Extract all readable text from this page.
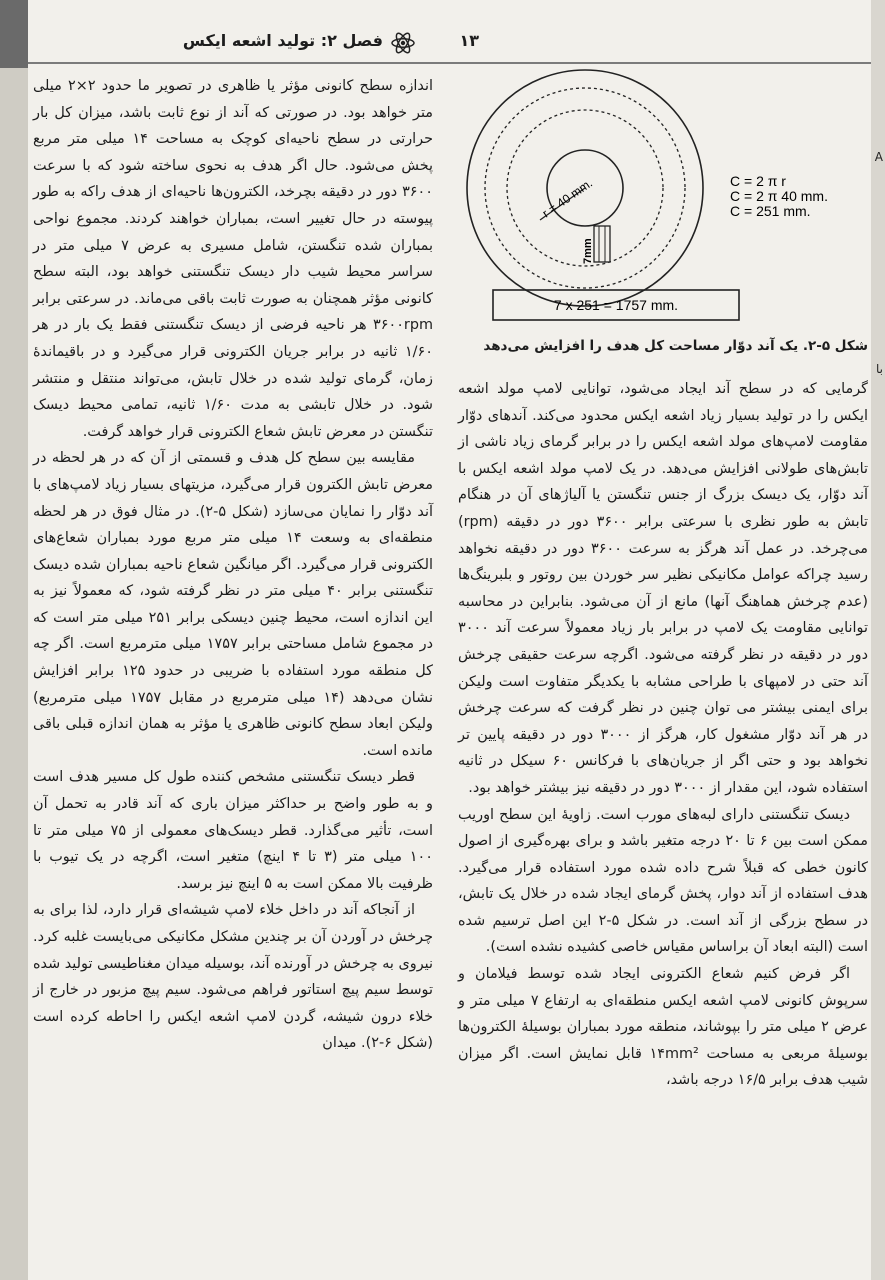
A
با
فصل ۲: تولید اشعه ایکس	۱۳

اندازه سطح کانونی مؤثر یا ظاهری در تصویر ما حدود ۲×۲ میلی متر خواهد بود. در صورتی که آند از نوع ثابت باشد، میزان کل بار حرارتی در سطح ناحیه‌ای کوچک به مساحت ۱۴ میلی متر مربع پخش می‌شود. حال اگر هدف به نحوی ساخته شود که با سرعت ۳۶۰۰ دور در دقیقه بچرخد، الکترون‌ها ناحیه‌ای از هدف راکه به طور پیوسته در حال تغییر است، بمباران خواهند کردند. مجموع نواحی بمباران شده تنگستن، شامل مسیری به عرض ۷ میلی متر در سراسر محیط شیب دار دیسک تنگستنی خواهد بود، البته سطح کانونی مؤثر همچنان به صورت ثابت باقی می‌ماند. در سرعتی برابر ۳۶۰۰rpm هر ناحیه فرضی از دیسک تنگستنی فقط یک بار در هر ۱/۶۰ ثانیه در برابر جریان الکترونی قرار می‌گیرد و در باقیماندهٔ زمان، گرمای تولید شده در خلال تابش، می‌تواند منتقل و منتشر شود. در خلال تابشی به مدت ۱/۶۰ ثانیه، تمامی محیط دیسک تنگستن در معرض تابش شعاع الکترونی قرار خواهد گرفت.

مقایسه بین سطح کل هدف و قسمتی از آن که در هر لحظه در معرض تابش الکترون قرار می‌گیرد، مزیتهای بسیار زیاد لامپ‌های با آند دوّار را نمایان می‌سازد (شکل ۵-۲). در مثال فوق در هر لحظه منطقه‌ای به وسعت ۱۴ میلی متر مربع مورد بمباران شعاع‌های الکترونی قرار می‌گیرد. اگر میانگین شعاع ناحیه بمباران شده دیسک تنگستنی برابر ۴۰ میلی متر در نظر گرفته شود، که معمولاً نیز به این اندازه است، محیط چنین دیسکی برابر ۲۵۱ میلی متر است که در مجموع شامل مساحتی برابر ۱۷۵۷ میلی مترمربع است. اگر چه کل منطقه مورد استفاده با ضریبی در حدود ۱۲۵ برابر افزایش نشان می‌دهد (۱۴ میلی مترمربع در مقابل ۱۷۵۷ میلی مترمربع) ولیکن ابعاد سطح کانونی ظاهری یا مؤثر به همان اندازه قبلی باقی مانده است.

قطر دیسک تنگستنی مشخص کننده طول کل مسیر هدف است و به طور واضح بر حداکثر میزان باری که آند قادر به تحمل آن است، تأثیر می‌گذارد. قطر دیسک‌های معمولی از ۷۵ میلی متر تا ۱۰۰ میلی متر (۳ تا ۴ اینچ) متغیر است، اگرچه در یک تیوب با ظرفیت بالا ممکن است به ۵ اینچ نیز برسد.

از آنجاکه آند در داخل خلاء لامپ شیشه‌ای قرار دارد، لذا برای به چرخش در آوردن آن بر چندین مشکل مکانیکی می‌بایست غلبه کرد. نیروی به چرخش در آورنده آند، بوسیله میدان مغناطیسی تولید شده توسط سیم پیچ استاتور فراهم می‌شود. سیم پیچ مزبور در خارج از خلاء درون شیشه، گردن لامپ اشعه ایکس را احاطه کرده است (شکل ۶-۲). میدان

r = 40 mm.
7mm
C = 2 π r
C = 2 π 40 mm.
C = 251 mm.
7 x 251 = 1757 mm.
شکل ۵-۲. یک آند دوّار مساحت کل هدف را افزایش می‌دهد

گرمایی که در سطح آند ایجاد می‌شود، توانایی لامپ مولد اشعه ایکس را در تولید بسیار زیاد اشعه ایکس محدود می‌کند. آندهای دوّار مقاومت لامپ‌های مولد اشعه ایکس را در برابر گرمای زیاد ناشی از تابش‌های طولانی افزایش می‌دهد. در یک لامپ مولد اشعه ایکس با آند دوّار، یک دیسک بزرگ از جنس تنگستن یا آلیاژهای آن در هنگام تابش به طور نظری با سرعتی برابر ۳۶۰۰ دور در دقیقه (rpm) می‌چرخد. در عمل آند هرگز به سرعت ۳۶۰۰ دور در دقیقه نخواهد رسید چراکه عوامل مکانیکی نظیر سر خوردن بین روتور و بلبرینگ‌ها (عدم چرخش هماهنگ آنها) مانع از آن می‌شود. بنابراین در محاسبه توانایی مقاومت یک لامپ در برابر بار زیاد معمولاً سرعت آند ۳۰۰۰ دور در دقیقه در نظر گرفته می‌شود. اگرچه سرعت حقیقی چرخش آند حتی در لامپهای با طراحی مشابه با یکدیگر متفاوت است ولیکن برای ایمنی بیشتر می توان چنین در نظر گرفت که سرعت چرخش در هر آند دوّار مشغول کار، هرگز از ۳۰۰۰ دور در دقیقه پایین تر نخواهد بود و حتی اگر از جریان‌های با فرکانس ۶۰ سیکل در ثانیه استفاده شود، این مقدار از ۳۰۰۰ دور در دقیقه نیز بیشتر خواهد بود.

دیسک تنگستنی دارای لبه‌های مورب است. زاویهٔ این سطح اوریب ممکن است بین ۶ تا ۲۰ درجه متغیر باشد و برای بهره‌گیری از اصول کانون خطی که قبلاً شرح داده شده مورد استفاده قرار می‌گیرد. هدف استفاده از آند دوار، پخش گرمای ایجاد شده در خلال یک تابش، در سطح بزرگی از آند است. در شکل ۵-۲ این اصل ترسیم شده است (البته ابعاد آن براساس مقیاس خاصی کشیده نشده است).

اگر فرض کنیم شعاع الکترونی ایجاد شده توسط فیلامان و سرپوش کانونی لامپ اشعه ایکس منطقه‌ای به ارتفاع ۷ میلی متر و عرض ۲ میلی متر را بپوشاند، منطقه مورد بمباران بوسیلهٔ الکترون‌ها بوسیلهٔ مربعی به مساحت ۱۴mm² قابل نمایش است. اگر میزان شیب هدف برابر ۱۶/۵ درجه باشد،
